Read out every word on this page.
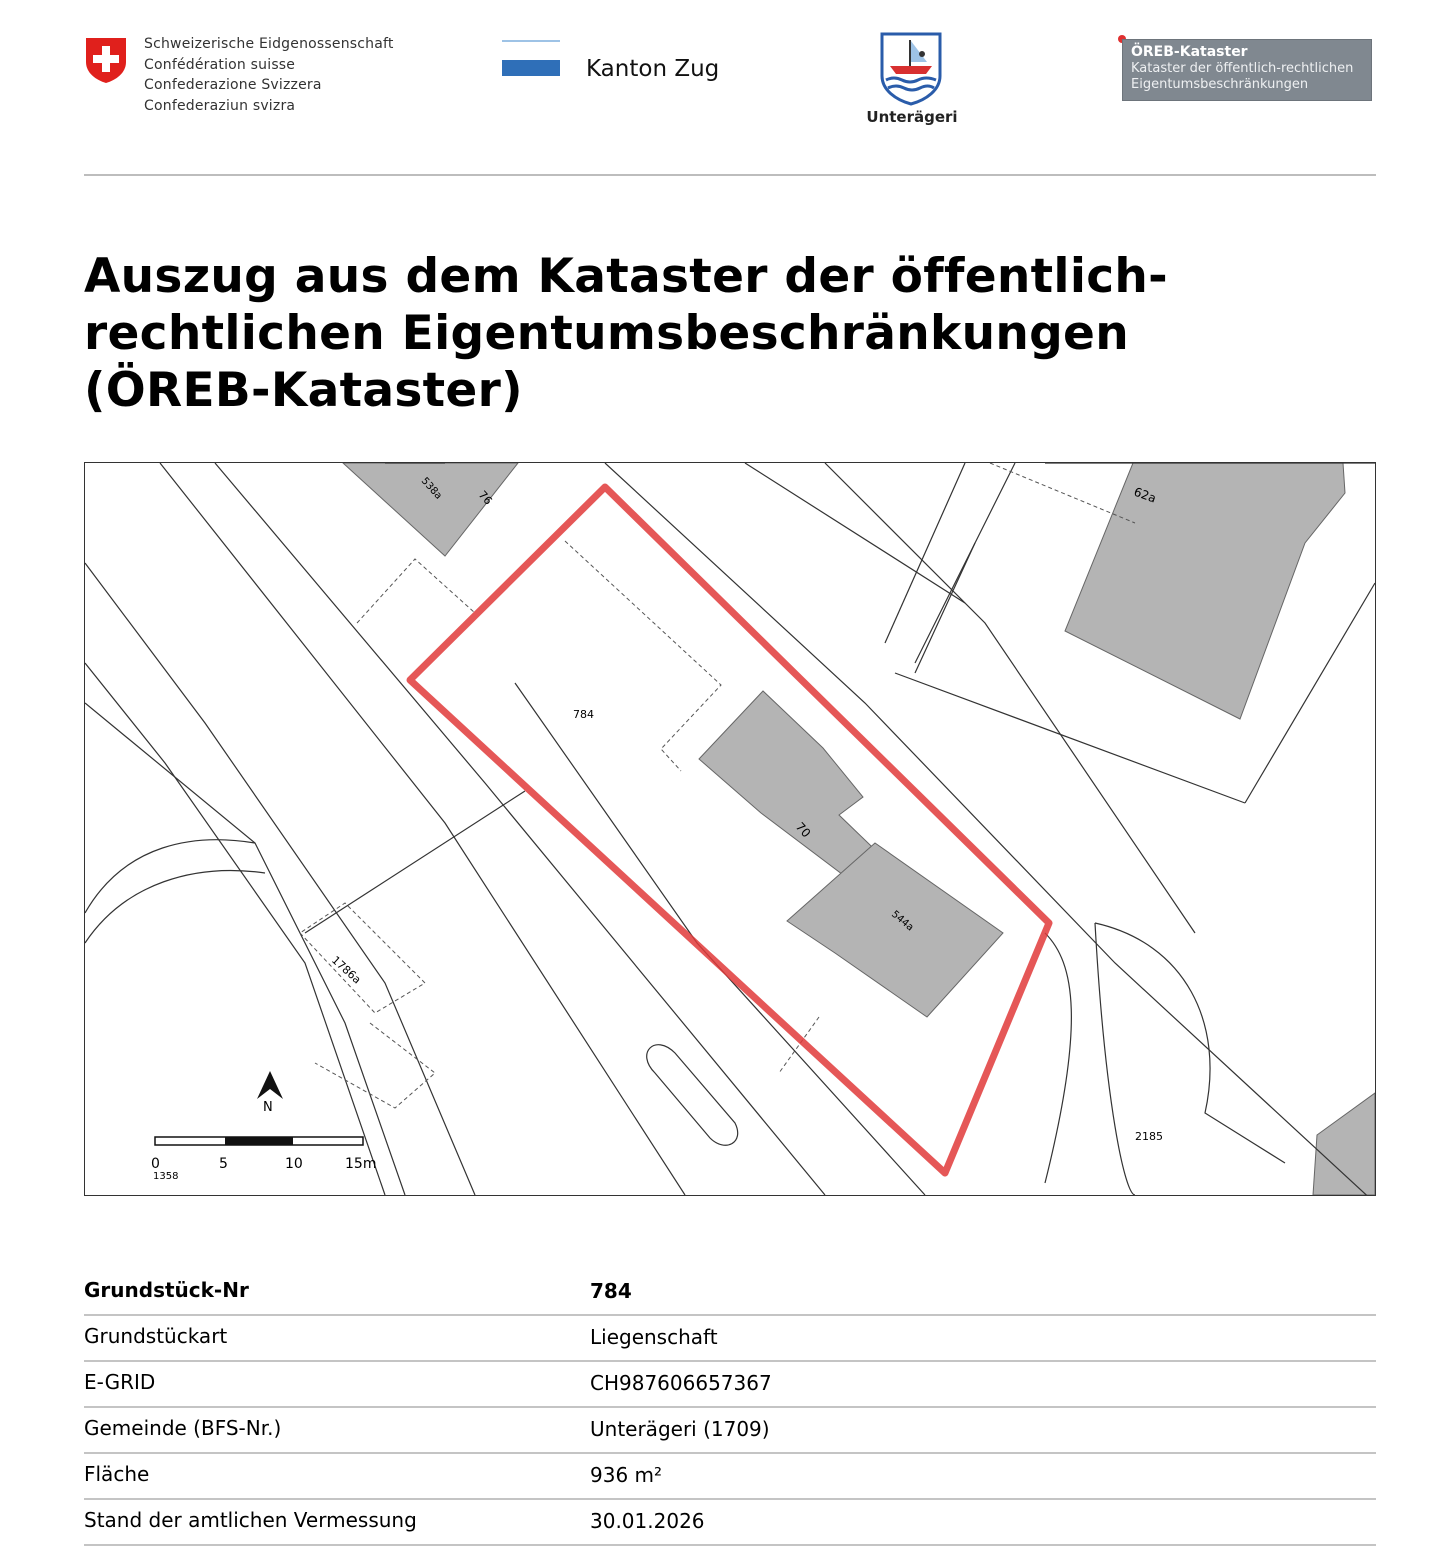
Schweizerische Eidgenossenschaft
Confédération suisse
Confederazione Svizzera
Confederaziun svizra
Kanton Zug
Unterägeri
ÖREB-Kataster
Kataster der öffentlich-rechtlichen
Eigentumsbeschränkungen
Auszug aus dem Kataster der öffentlich-
rechtlichen Eigentumsbeschränkungen
(ÖREB-Kataster)
784
538a	76	62a
70
544a
1786a
2185
1358
N
0	5	10	15m
Grundstück-Nr	784
Grundstückart	Liegenschaft
E-GRID	CH987606657367
Gemeinde (BFS-Nr.)	Unterägeri (1709)
Fläche	936 m²
Stand der amtlichen Vermessung	30.01.2026
